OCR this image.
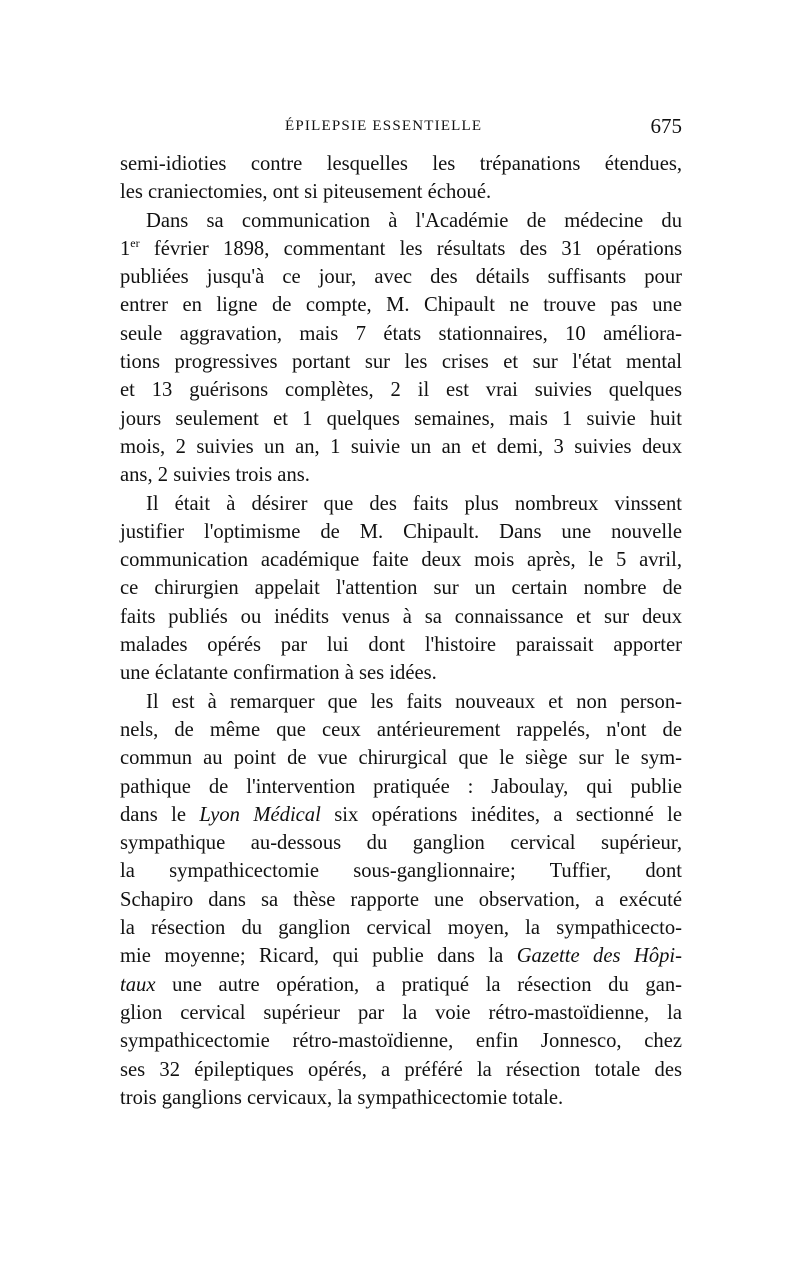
ÉPILEPSIE ESSENTIELLE	675
semi-idioties contre lesquelles les trépanations étendues,
les craniectomies, ont si piteusement échoué.
Dans sa communication à l'Académie de médecine du
1er février 1898, commentant les résultats des 31 opérations
publiées jusqu'à ce jour, avec des détails suffisants pour
entrer en ligne de compte, M. Chipault ne trouve pas une
seule aggravation, mais 7 états stationnaires, 10 améliora-
tions progressives portant sur les crises et sur l'état mental
et 13 guérisons complètes, 2 il est vrai suivies quelques
jours seulement et 1 quelques semaines, mais 1 suivie huit
mois, 2 suivies un an, 1 suivie un an et demi, 3 suivies deux
ans, 2 suivies trois ans.
Il était à désirer que des faits plus nombreux vinssent
justifier l'optimisme de M. Chipault. Dans une nouvelle
communication académique faite deux mois après, le 5 avril,
ce chirurgien appelait l'attention sur un certain nombre de
faits publiés ou inédits venus à sa connaissance et sur deux
malades opérés par lui dont l'histoire paraissait apporter
une éclatante confirmation à ses idées.
Il est à remarquer que les faits nouveaux et non person-
nels, de même que ceux antérieurement rappelés, n'ont de
commun au point de vue chirurgical que le siège sur le sym-
pathique de l'intervention pratiquée : Jaboulay, qui publie
dans le Lyon Médical six opérations inédites, a sectionné le
sympathique au-dessous du ganglion cervical supérieur,
la sympathicectomie sous-ganglionnaire; Tuffier, dont
Schapiro dans sa thèse rapporte une observation, a exécuté
la résection du ganglion cervical moyen, la sympathicecto-
mie moyenne; Ricard, qui publie dans la Gazette des Hôpi-
taux une autre opération, a pratiqué la résection du gan-
glion cervical supérieur par la voie rétro-mastoïdienne, la
sympathicectomie rétro-mastoïdienne, enfin Jonnesco, chez
ses 32 épileptiques opérés, a préféré la résection totale des
trois ganglions cervicaux, la sympathicectomie totale.
